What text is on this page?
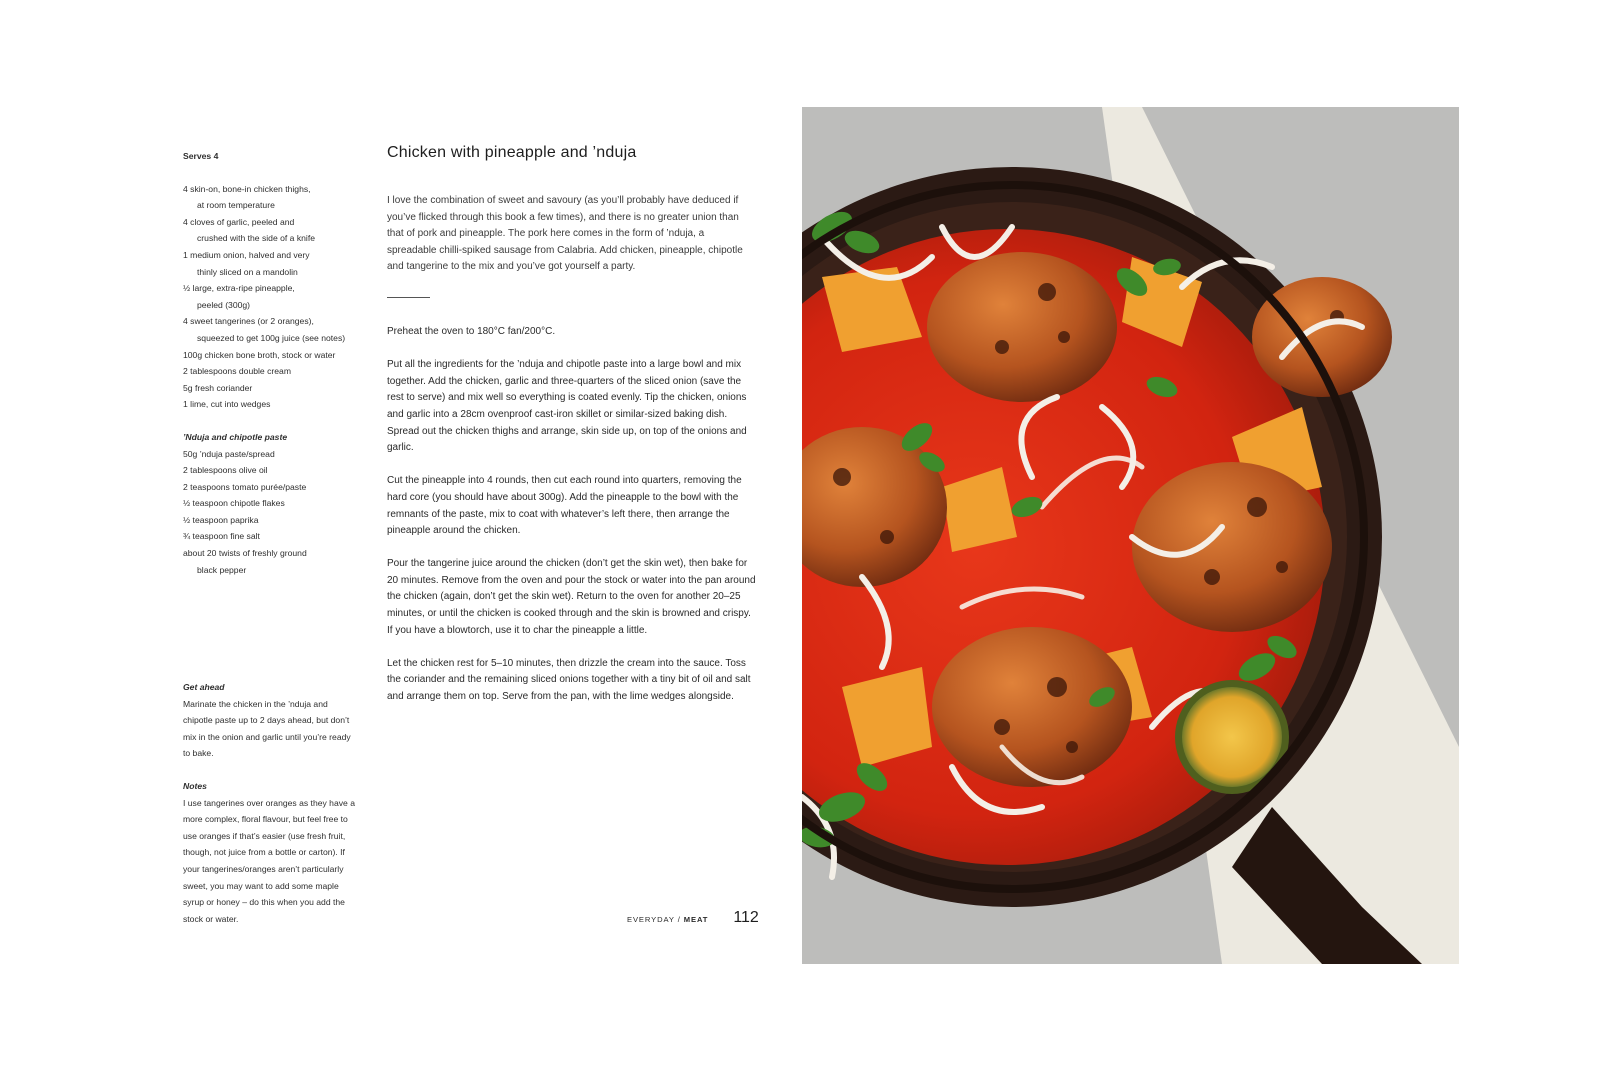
Serves 4
4 skin-on, bone-in chicken thighs,
at room temperature
4 cloves of garlic, peeled and
crushed with the side of a knife
1 medium onion, halved and very
thinly sliced on a mandolin
½ large, extra-ripe pineapple,
peeled (300g)
4 sweet tangerines (or 2 oranges),
squeezed to get 100g juice (see notes)
100g chicken bone broth, stock or water
2 tablespoons double cream
5g fresh coriander
1 lime, cut into wedges
’Nduja and chipotle paste
50g ’nduja paste/spread
2 tablespoons olive oil
2 teaspoons tomato purée/paste
½ teaspoon chipotle flakes
½ teaspoon paprika
¾ teaspoon fine salt
about 20 twists of freshly ground
black pepper
Get ahead
Marinate the chicken in the ’nduja and chipotle paste up to 2 days ahead, but don’t mix in the onion and garlic until you’re ready to bake.
Notes
I use tangerines over oranges as they have a more complex, floral flavour, but feel free to use oranges if that’s easier (use fresh fruit, though, not juice from a bottle or carton). If your tangerines/oranges aren’t particularly sweet, you may want to add some maple syrup or honey – do this when you add the stock or water.
Chicken with pineapple and ’nduja

I love the combination of sweet and savoury (as you’ll probably have deduced if you’ve flicked through this book a few times), and there is no greater union than that of pork and pineapple. The pork here comes in the form of ’nduja, a spreadable chilli-spiked sausage from Calabria. Add chicken, pineapple, chipotle and tangerine to the mix and you’ve got yourself a party.

Preheat the oven to 180°C fan/200°C.

Put all the ingredients for the ’nduja and chipotle paste into a large bowl and mix together. Add the chicken, garlic and three-quarters of the sliced onion (save the rest to serve) and mix well so everything is coated evenly. Tip the chicken, onions and garlic into a 28cm ovenproof cast-iron skillet or similar-sized baking dish. Spread out the chicken thighs and arrange, skin side up, on top of the onions and garlic.

Cut the pineapple into 4 rounds, then cut each round into quarters, removing the hard core (you should have about 300g). Add the pineapple to the bowl with the remnants of the paste, mix to coat with whatever’s left there, then arrange the pineapple around the chicken.

Pour the tangerine juice around the chicken (don’t get the skin wet), then bake for 20 minutes. Remove from the oven and pour the stock or water into the pan around the chicken (again, don’t get the skin wet). Return to the oven for another 20–25 minutes, or until the chicken is cooked through and the skin is browned and crispy. If you have a blowtorch, use it to char the pineapple a little.

Let the chicken rest for 5–10 minutes, then drizzle the cream into the sauce. Toss the coriander and the remaining sliced onions together with a tiny bit of oil and salt and arrange them on top. Serve from the pan, with the lime wedges alongside.

EVERYDAY / MEAT 112
